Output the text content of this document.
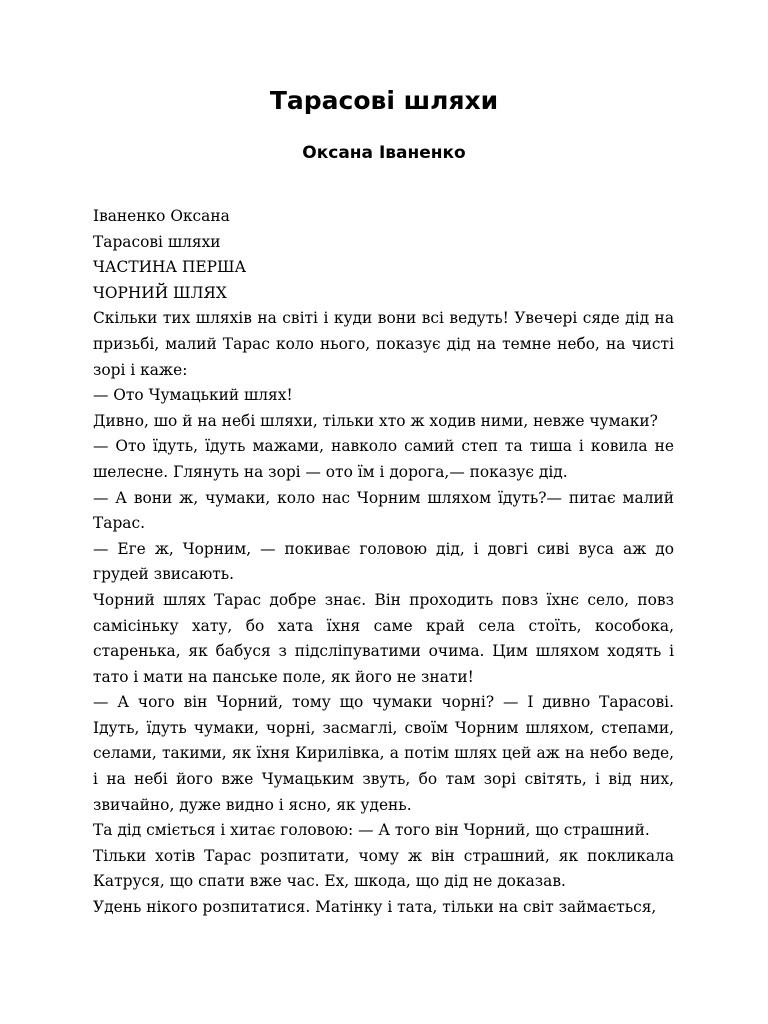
Тарасові шляхи
Оксана Іваненко

Іваненко Оксана

Тарасові шляхи

ЧАСТИНА ПЕРША

ЧОРНИЙ ШЛЯХ

Скільки тих шляхів на світі і куди вони всі ведуть! Увечері сяде дід на призьбі, малий Тарас коло нього, показує дід на темне небо, на чисті зорі і каже:

— Ото Чумацький шлях!

Дивно, шо й на небі шляхи, тільки хто ж ходив ними, невже чумаки?

— Ото їдуть, їдуть мажами, навколо самий степ та тиша і ковила не шелесне. Глянуть на зорі — ото їм і дорога,— показує дід.

— А вони ж, чумаки, коло нас Чорним шляхом їдуть?— питає малий Тарас.

— Еге ж, Чорним, — покиває головою дід, і довгі сиві вуса аж до грудей звисають.

Чорний шлях Тарас добре знає. Він проходить повз їхнє село, повз самісіньку хату, бо хата їхня саме край села стоїть, кособока, старенька, як бабуся з підсліпуватими очима. Цим шляхом ходять і тато і мати на панське поле, як його не знати!

— А чого він Чорний, тому що чумаки чорні? — І дивно Тарасові. Ідуть, їдуть чумаки, чорні, засмаглі, своїм Чорним шляхом, степами, селами, такими, як їхня Кирилівка, а потім шлях цей аж на небо веде, і на небі його вже Чумацьким звуть, бо там зорі світять, і від них, звичайно, дуже видно і ясно, як удень.

Та дід сміється і хитає головою: — А того він Чорний, що страшний.

Тільки хотів Тарас розпитати, чому ж він страшний, як покликала Катруся, що спати вже час. Ех, шкода, що дід не доказав.

Удень нікого розпитатися. Матінку і тата, тільки на світ займається,
